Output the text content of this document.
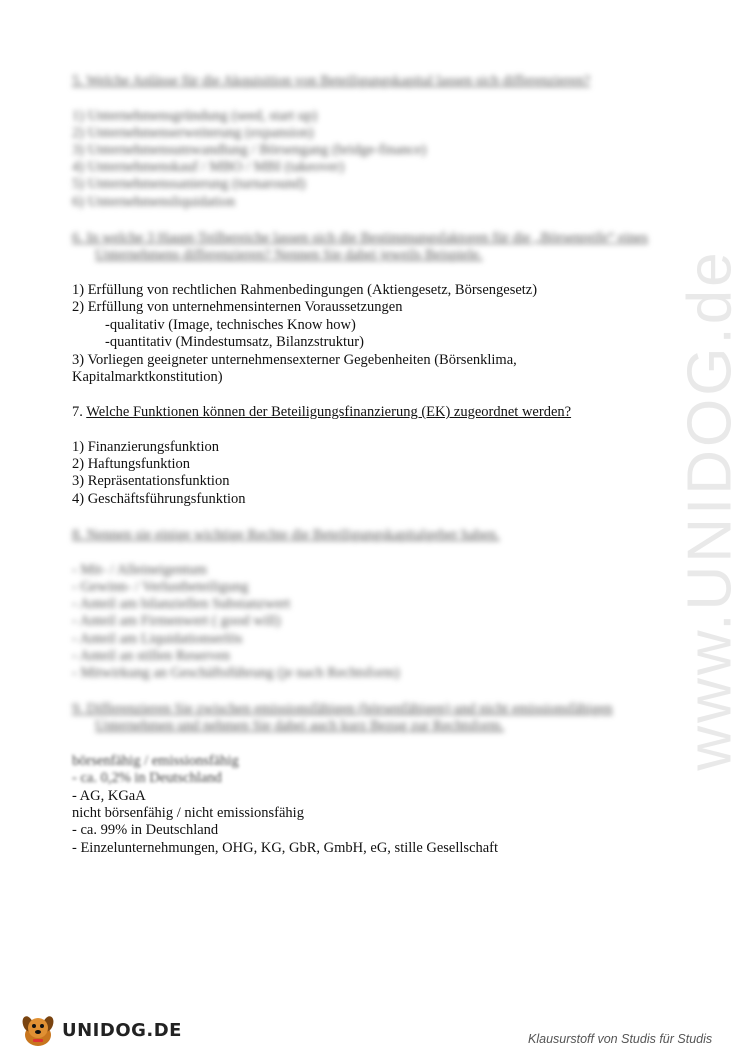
www.UNIDOG.de
5. Welche Anlässe für die Akquisition von Beteiligungskapital lassen sich differenzieren?
1) Unternehmensgründung (seed, start up)
2) Unternehmenserweiterung (expansion)
3) Unternehmensumwandlung / Börsengang (bridge-finance)
4) Unternehmenskauf / MBO / MBI (takeover)
5) Unternehmenssanierung (turnaround)
6) Unternehmensliquidation
6. In welche 3 Haupt-Teilbereiche lassen sich die Bestimmungsfaktoren für die „Börsenreife“ eines
Unternehmens differenzieren? Nennen Sie dabei jeweils Beispiele.
1) Erfüllung von rechtlichen Rahmenbedingungen (Aktiengesetz, Börsengesetz)
2) Erfüllung von unternehmensinternen Voraussetzungen
-qualitativ (Image, technisches Know how)
-quantitativ (Mindestumsatz, Bilanzstruktur)
3) Vorliegen geeigneter unternehmensexterner Gegebenheiten (Börsenklima,
Kapitalmarktkonstitution)
7. Welche Funktionen können der Beteiligungsfinanzierung (EK) zugeordnet werden?
1) Finanzierungsfunktion
2) Haftungsfunktion
3) Repräsentationsfunktion
4) Geschäftsführungsfunktion
8. Nennen sie einige wichtige Rechte die Beteiligungskapitalgeber haben.
- Mit- / Alleineigentum
- Gewinn- / Verlustbeteiligung
- Anteil am bilanziellen Substanzwert
- Anteil am Firmenwert ( good will)
- Anteil am Liquidationserlös
- Anteil an stillen Reserven
- Mitwirkung an Geschäftsführung (je nach Rechtsform)
9. Differenzieren Sie zwischen emissionsfähigen (börsenfähigen) und nicht emissionsfähigen
Unternehmen und nehmen Sie dabei auch kurz Bezug zur Rechtsform.
börsenfähig / emissionsfähig
- ca. 0,2% in Deutschland
- AG, KGaA
nicht börsenfähig / nicht emissionsfähig
- ca. 99% in Deutschland
- Einzelunternehmungen, OHG, KG, GbR, GmbH, eG, stille Gesellschaft
UNIDOG.DE	Klausurstoff von Studis für Studis
